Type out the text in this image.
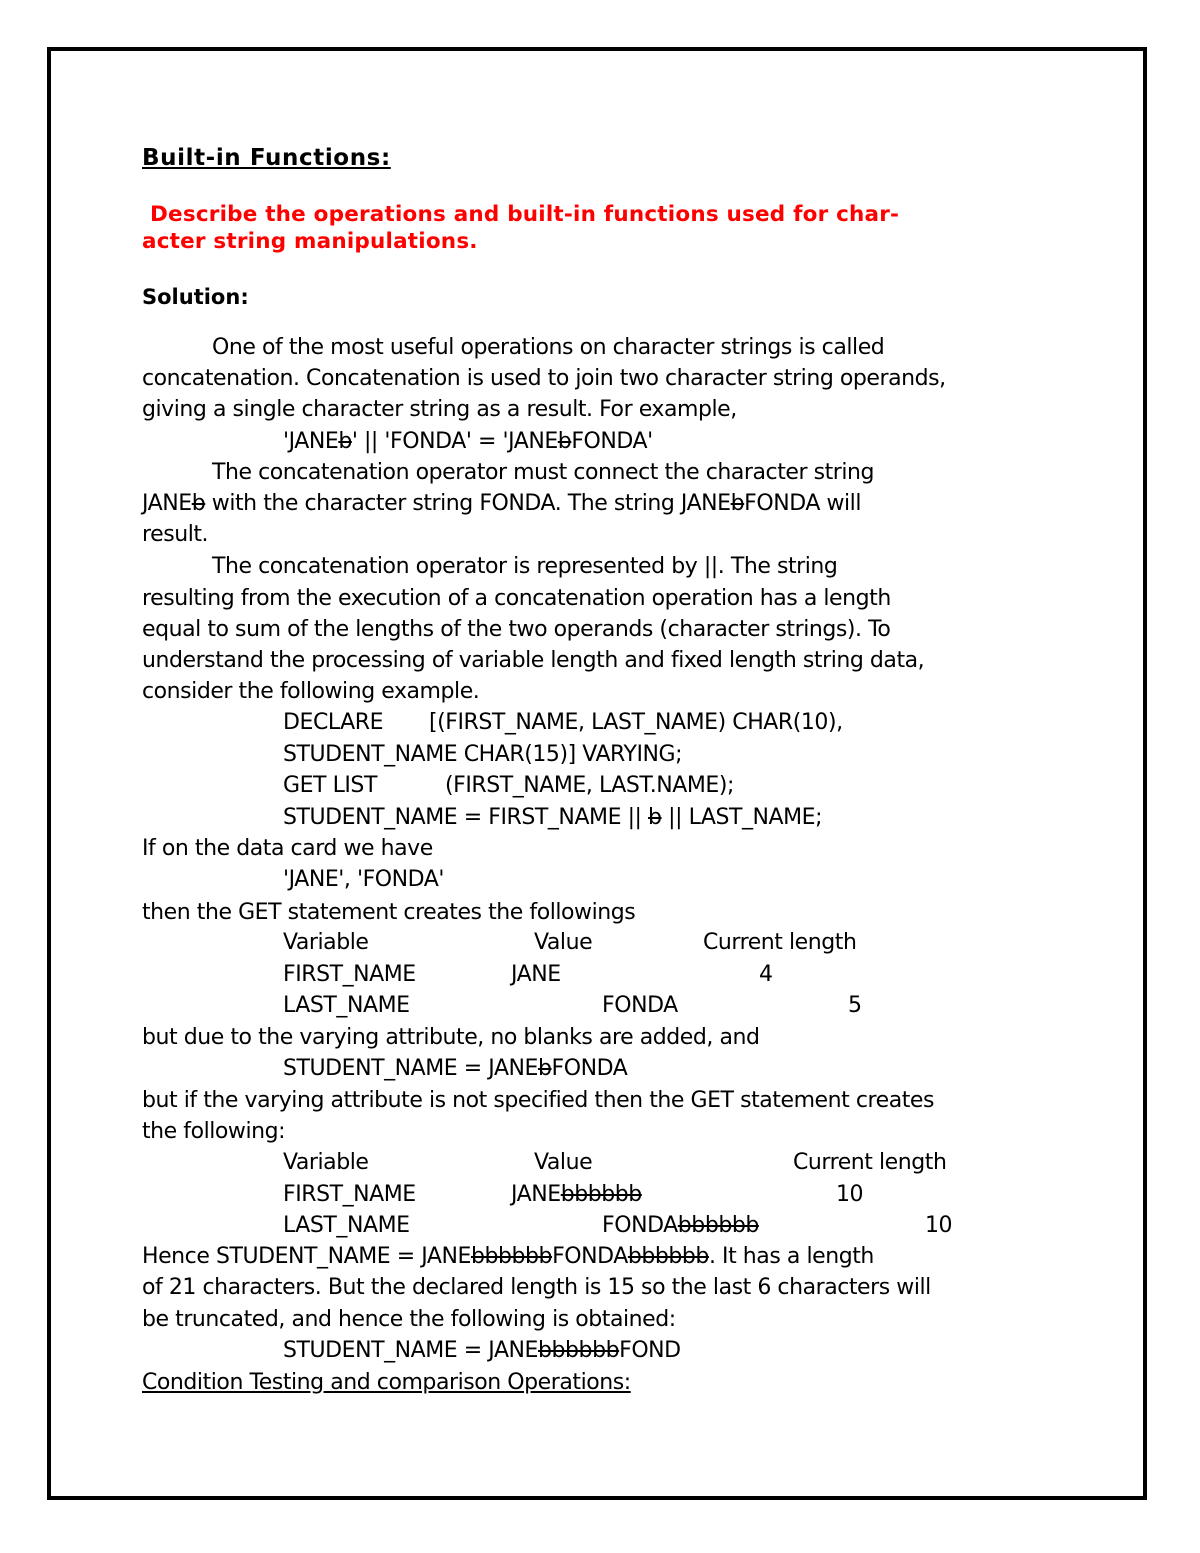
Built-in Functions:
Describe the operations and built-in functions used for char-
acter string manipulations.
Solution:
One of the most useful operations on character strings is called
concatenation. Concatenation is used to join two character string operands,
giving a single character string as a result. For example,
'JANEb' || 'FONDA' = 'JANEbFONDA'
The concatenation operator must connect the character string
JANEb with the character string FONDA. The string JANEbFONDA will
result.
The concatenation operator is represented by ||. The string
resulting from the execution of a concatenation operation has a length
equal to sum of the lengths of the two operands (character strings). To
understand the processing of variable length and fixed length string data,
consider the following example.
DECLARE [(FIRST_NAME, LAST_NAME) CHAR(10),
STUDENT_NAME CHAR(15)] VARYING;
GET LIST	(FIRST_NAME, LAST.NAME);
STUDENT_NAME = FIRST_NAME || b || LAST_NAME;
If on the data card we have
'JANE', 'FONDA'
then the GET statement creates the followings
Variable	Value	Current length
FIRST_NAME	JANE	4
LAST_NAME	FONDA	5
but due to the varying attribute, no blanks are added, and
STUDENT_NAME = JANEbFONDA
but if the varying attribute is not specified then the GET statement creates
the following:
Variable	Value	Current length
FIRST_NAME	JANEbbbbbb	10
LAST_NAME	FONDAbbbbbb	10
Hence STUDENT_NAME = JANEbbbbbbFONDAbbbbbb. It has a length
of 21 characters. But the declared length is 15 so the last 6 characters will
be truncated, and hence the following is obtained:
STUDENT_NAME = JANEbbbbbbFOND
Condition Testing and comparison Operations:
